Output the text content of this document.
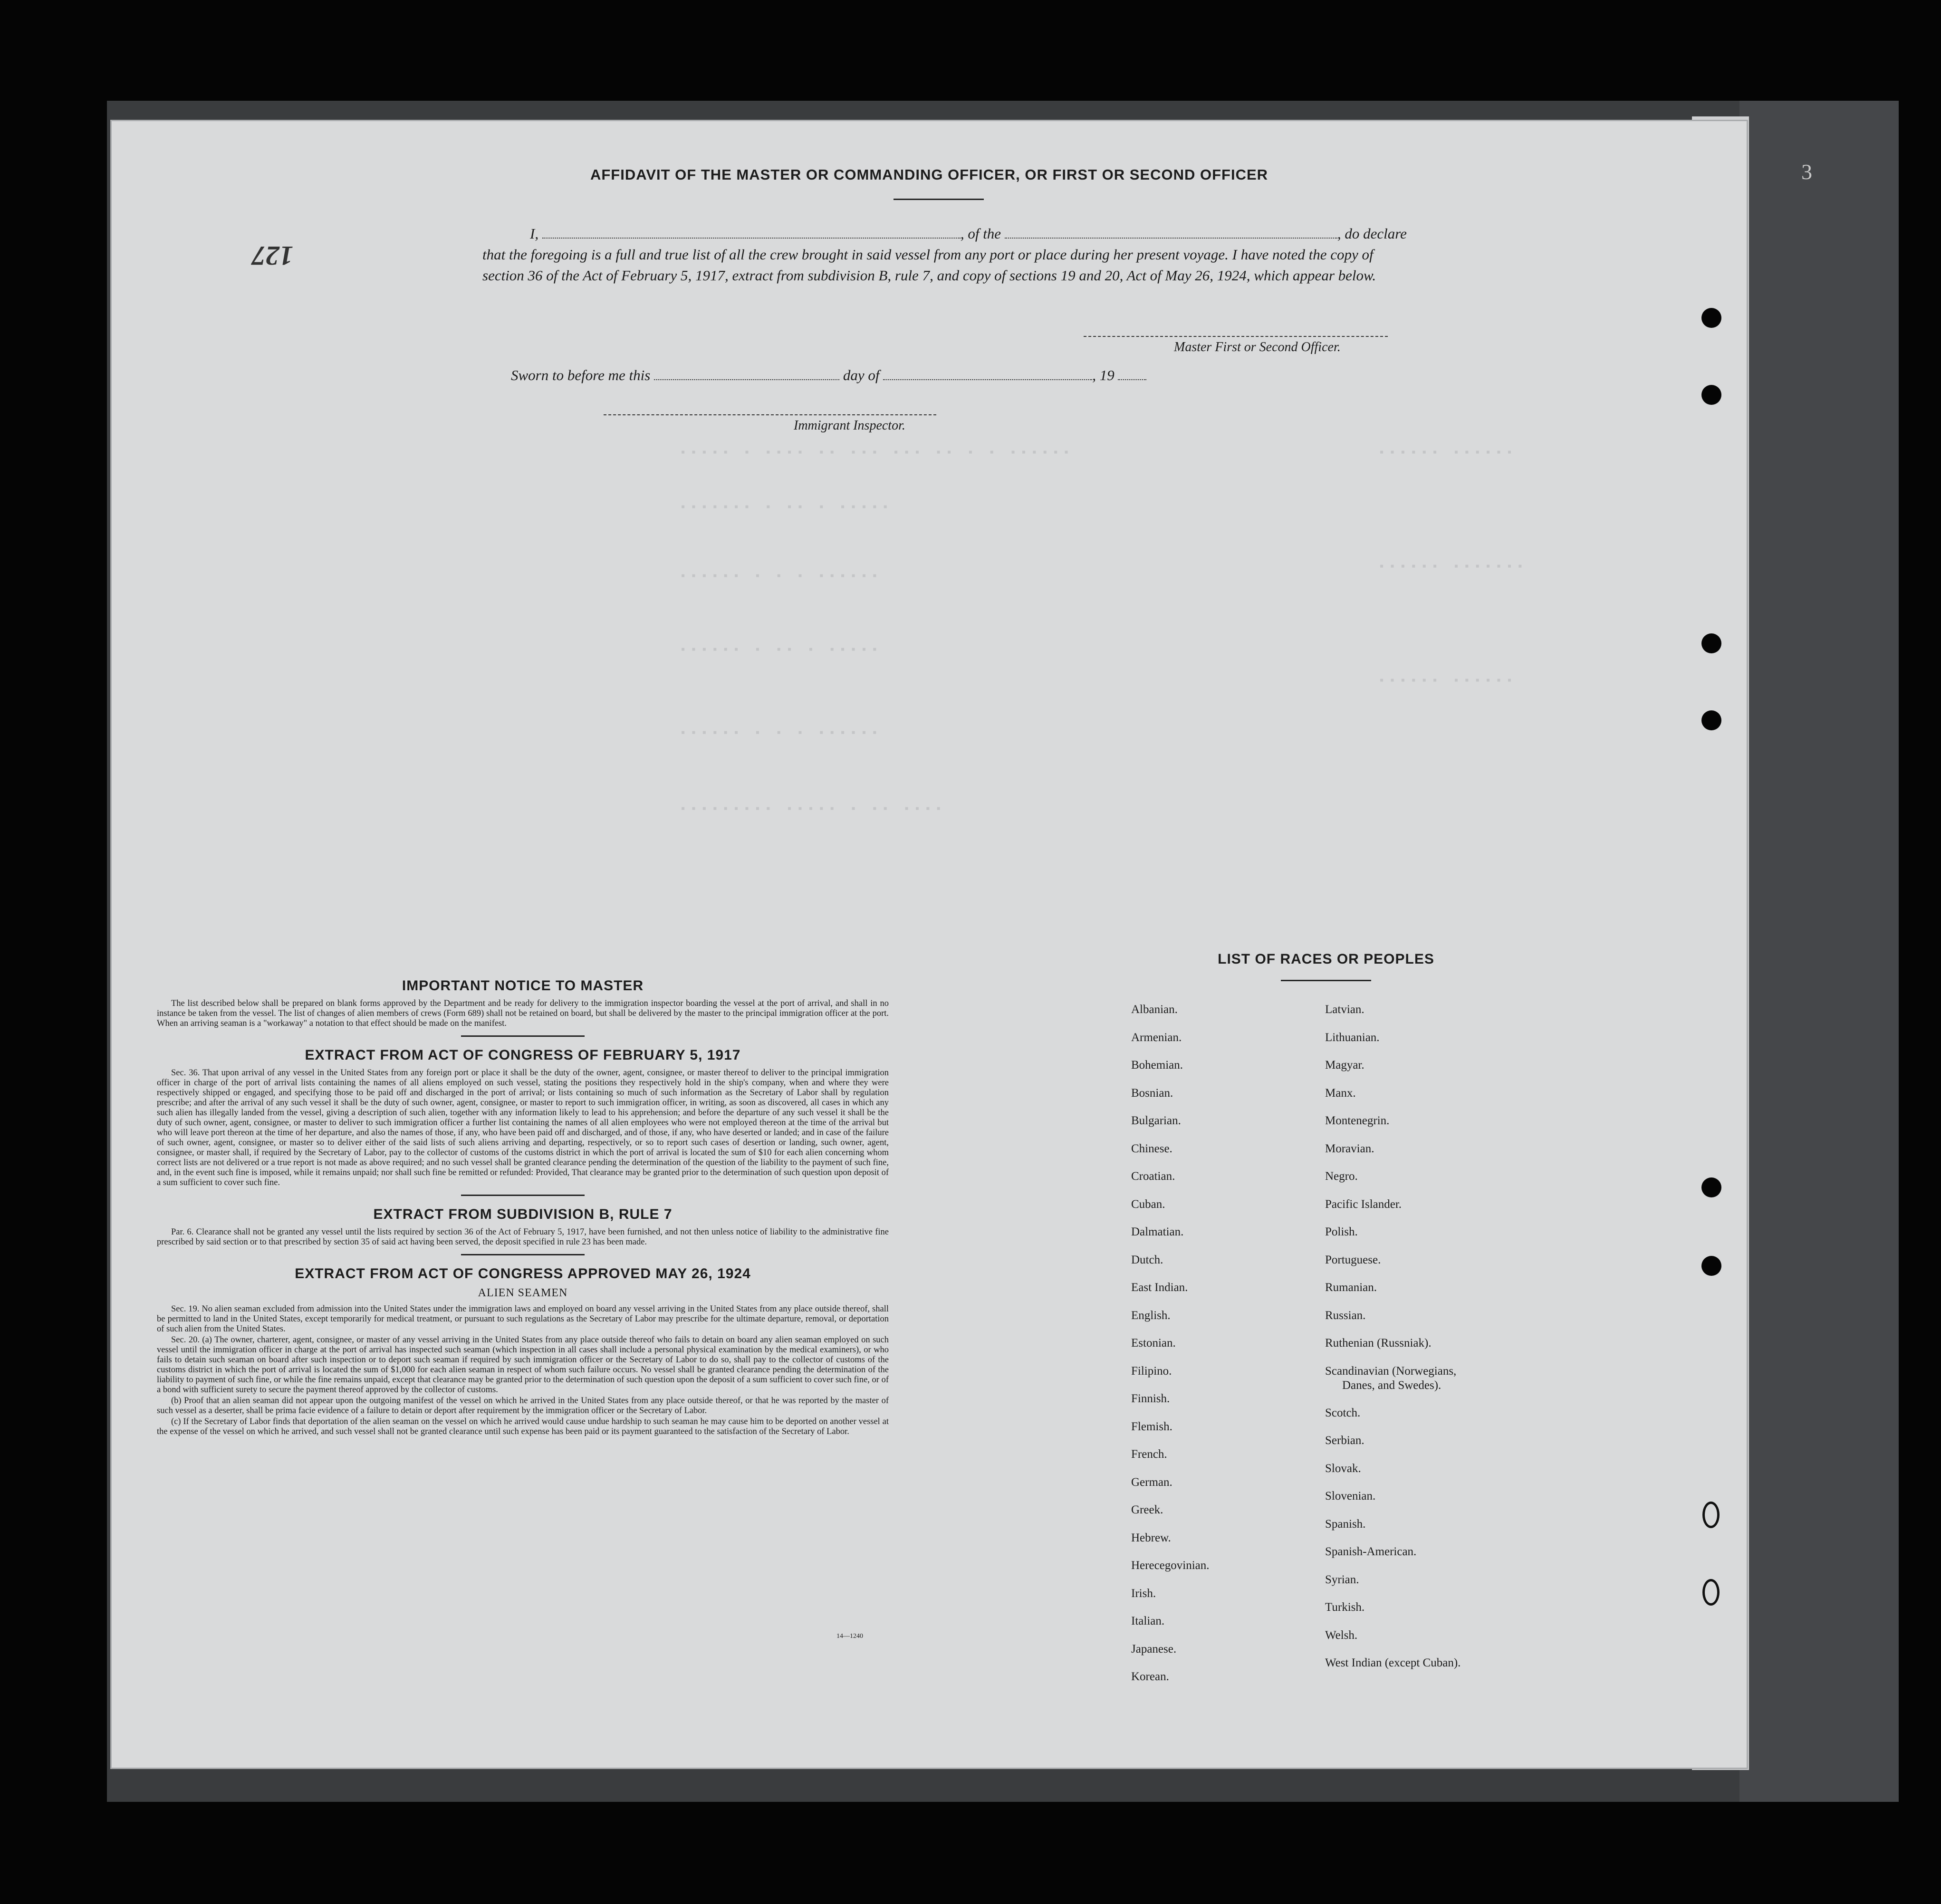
3
▪▪▪▪▪ ▪ ▪▪▪▪ ▪▪ ▪▪▪ ▪▪▪ ▪▪ ▪ ▪ ▪▪▪▪▪▪
▪▪▪▪▪▪▪ ▪ ▪▪ ▪ ▪▪▪▪▪
▪▪▪▪▪▪ ▪ ▪ ▪ ▪▪▪▪▪▪
▪▪▪▪▪▪ ▪ ▪▪ ▪ ▪▪▪▪▪
▪▪▪▪▪▪ ▪ ▪ ▪ ▪▪▪▪▪▪
▪▪▪▪▪▪▪▪▪ ▪▪▪▪▪ ▪ ▪▪ ▪▪▪▪
▪▪▪▪▪▪ ▪▪▪▪▪▪
▪▪▪▪▪▪ ▪▪▪▪▪▪▪
▪▪▪▪▪▪ ▪▪▪▪▪▪
127
AFFIDAVIT OF THE MASTER OR COMMANDING OFFICER, OR FIRST OR SECOND OFFICER
I,	, of the	, do declare
that the foregoing is a full and true list of all the crew brought in said vessel from any port or place during her present voyage. I have noted the copy of section 36 of the Act of February 5, 1917, extract from subdivision B, rule 7, and copy of sections 19 and 20, Act of May 26, 1924, which appear below.
Master First or Second Officer.
Sworn to before me this	day of	, 19
Immigrant Inspector.

IMPORTANT NOTICE TO MASTER

The list described below shall be prepared on blank forms approved by the Department and be ready for delivery to the immigration inspector boarding the vessel at the port of arrival, and shall in no instance be taken from the vessel. The list of changes of alien members of crews (Form 689) shall not be retained on board, but shall be delivered by the master to the principal immigration officer at the port. When an arriving seaman is a "workaway" a notation to that effect should be made on the manifest.

EXTRACT FROM ACT OF CONGRESS OF FEBRUARY 5, 1917

Sec. 36. That upon arrival of any vessel in the United States from any foreign port or place it shall be the duty of the owner, agent, consignee, or master thereof to deliver to the principal immigration officer in charge of the port of arrival lists containing the names of all aliens employed on such vessel, stating the positions they respectively hold in the ship's company, when and where they were respectively shipped or engaged, and specifying those to be paid off and discharged in the port of arrival; or lists containing so much of such information as the Secretary of Labor shall by regulation prescribe; and after the arrival of any such vessel it shall be the duty of such owner, agent, consignee, or master to report to such immigration officer, in writing, as soon as discovered, all cases in which any such alien has illegally landed from the vessel, giving a description of such alien, together with any information likely to lead to his apprehension; and before the departure of any such vessel it shall be the duty of such owner, agent, consignee, or master to deliver to such immigration officer a further list containing the names of all alien employees who were not employed thereon at the time of the arrival but who will leave port thereon at the time of her departure, and also the names of those, if any, who have been paid off and discharged, and of those, if any, who have deserted or landed; and in case of the failure of such owner, agent, consignee, or master so to deliver either of the said lists of such aliens arriving and departing, respectively, or so to report such cases of desertion or landing, such owner, agent, consignee, or master shall, if required by the Secretary of Labor, pay to the collector of customs of the customs district in which the port of arrival is located the sum of $10 for each alien concerning whom correct lists are not delivered or a true report is not made as above required; and no such vessel shall be granted clearance pending the determination of the question of the liability to the payment of such fine, and, in the event such fine is imposed, while it remains unpaid; nor shall such fine be remitted or refunded: Provided, That clearance may be granted prior to the determination of such question upon deposit of a sum sufficient to cover such fine.

EXTRACT FROM SUBDIVISION B, RULE 7

Par. 6. Clearance shall not be granted any vessel until the lists required by section 36 of the Act of February 5, 1917, have been furnished, and not then unless notice of liability to the administrative fine prescribed by said section or to that prescribed by section 35 of said act having been served, the deposit specified in rule 23 has been made.

EXTRACT FROM ACT OF CONGRESS APPROVED MAY 26, 1924

ALIEN SEAMEN

Sec. 19. No alien seaman excluded from admission into the United States under the immigration laws and employed on board any vessel arriving in the United States from any place outside thereof, shall be permitted to land in the United States, except temporarily for medical treatment, or pursuant to such regulations as the Secretary of Labor may prescribe for the ultimate departure, removal, or deportation of such alien from the United States.

Sec. 20. (a) The owner, charterer, agent, consignee, or master of any vessel arriving in the United States from any place outside thereof who fails to detain on board any alien seaman employed on such vessel until the immigration officer in charge at the port of arrival has inspected such seaman (which inspection in all cases shall include a personal physical examination by the medical examiners), or who fails to detain such seaman on board after such inspection or to deport such seaman if required by such immigration officer or the Secretary of Labor to do so, shall pay to the collector of customs of the customs district in which the port of arrival is located the sum of $1,000 for each alien seaman in respect of whom such failure occurs. No vessel shall be granted clearance pending the determination of the liability to payment of such fine, or while the fine remains unpaid, except that clearance may be granted prior to the determination of such question upon the deposit of a sum sufficient to cover such fine, or of a bond with sufficient surety to secure the payment thereof approved by the collector of customs.

(b) Proof that an alien seaman did not appear upon the outgoing manifest of the vessel on which he arrived in the United States from any place outside thereof, or that he was reported by the master of such vessel as a deserter, shall be prima facie evidence of a failure to detain or deport after requirement by the immigration officer or the Secretary of Labor.

(c) If the Secretary of Labor finds that deportation of the alien seaman on the vessel on which he arrived would cause undue hardship to such seaman he may cause him to be deported on another vessel at the expense of the vessel on which he arrived, and such vessel shall not be granted clearance until such expense has been paid or its payment guaranteed to the satisfaction of the Secretary of Labor.

14—1240
LIST OF RACES OR PEOPLES
Albanian.
Armenian.
Bohemian.
Bosnian.
Bulgarian.
Chinese.
Croatian.
Cuban.
Dalmatian.
Dutch.
East Indian.
English.
Estonian.
Filipino.
Finnish.
Flemish.
French.
German.
Greek.
Hebrew.
Herecegovinian.
Irish.
Italian.
Japanese.
Korean.
Latvian.
Lithuanian.
Magyar.
Manx.
Montenegrin.
Moravian.
Negro.
Pacific Islander.
Polish.
Portuguese.
Rumanian.
Russian.
Ruthenian (Russniak).
Scandinavian (Norwegians,
Danes, and Swedes).
Scotch.
Serbian.
Slovak.
Slovenian.
Spanish.
Spanish-American.
Syrian.
Turkish.
Welsh.
West Indian (except Cuban).
